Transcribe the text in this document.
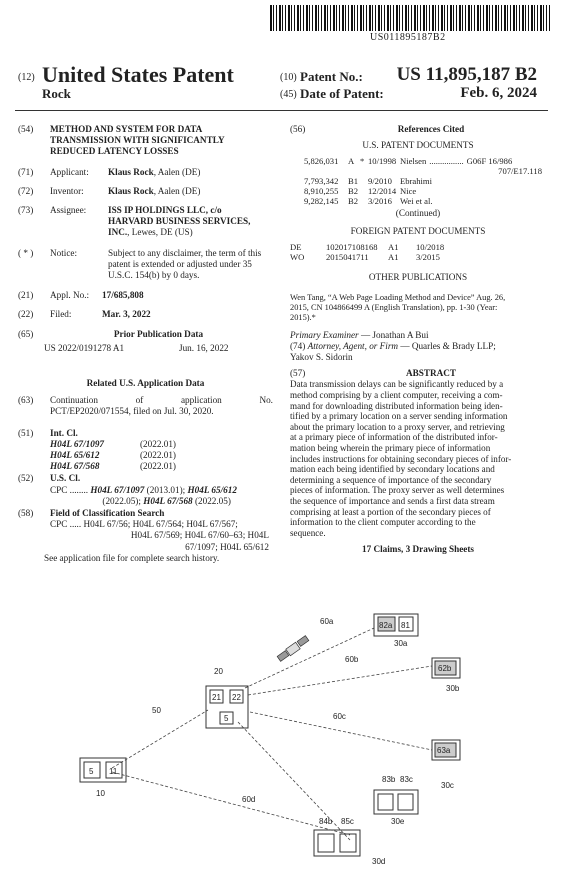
US011895187B2
(12) United States Patent
Rock
(10) Patent No.: US 11,895,187 B2
(45) Date of Patent:	Feb. 6, 2024
(54)	METHOD AND SYSTEM FOR DATA
TRANSMISSION WITH SIGNIFICANTLY
REDUCED LATENCY LOSSES
(71)	Applicant:	Klaus Rock, Aalen (DE)
(72)	Inventor:	Klaus Rock, Aalen (DE)
(73)	Assignee:	ISS IP HOLDINGS LLC, c/o
HARVARD BUSINESS SERVICES,
INC., Lewes, DE (US)
( * )	Notice:	Subject to any disclaimer, the term of this
patent is extended or adjusted under 35
U.S.C. 154(b) by 0 days.
(21)	Appl. No.:	17/685,808
(22)	Filed:	Mar. 3, 2022
(65)	Prior Publication Data
US 2022/0191278 A1	Jun. 16, 2022
Related U.S. Application Data
(63)	Continuation	of	application	No.
PCT/EP2020/071554, filed on Jul. 30, 2020.
(51)	Int. Cl.
H04L 67/1097	(2022.01)
H04L 65/612	(2022.01)
H04L 67/568	(2022.01)
(52)	U.S. Cl.
CPC ........ H04L 67/1097 (2013.01); H04L 65/612
(2022.05); H04L 67/568 (2022.05)
(58)	Field of Classification Search
CPC ..... H04L 67/56; H04L 67/564; H04L 67/567;
H04L 67/569; H04L 67/60–63; H04L
67/1097; H04L 65/612
See application file for complete search history.
(56)	References Cited
U.S. PATENT DOCUMENTS
5,826,031	A * 10/1998 Nielsen ................ G06F 16/986
707/E17.118
7,793,342	B1	9/2010 Ebrahimi
8,910,255	B2	12/2014 Nice
9,282,145	B2	3/2016 Wei et al.
(Continued)
FOREIGN PATENT DOCUMENTS
DE	102017108168	A1	10/2018
WO	2015041711	A1	3/2015
OTHER PUBLICATIONS
Wen Tang, “A Web Page Loading Method and Device” Aug. 26,
2015, CN 104866499 A (English Translation), pp. 1-30 (Year:
2015).*
Primary Examiner — Jonathan A Bui
(74) Attorney, Agent, or Firm — Quarles & Brady LLP;
Yakov S. Sidorin
(57)	ABSTRACT
Data transmission delays can be significantly reduced by a
method comprising by a client computer, receiving a com-
mand for downloading distributed information being iden-
tified by a primary location on a server sending information
about the primary location to a proxy server, and retrieving
at a primary piece of information of the distributed infor-
mation being wherein the primary piece of information
includes instructions for obtaining secondary pieces of infor-
mation each being identified by secondary locations and
determining a sequence of importance of the secondary
pieces of information. The proxy server as well determines
the sequence of importance and sends a first data stream
comprising at least a portion of the secondary pieces of
information to the client computer according to the
sequence.
17 Claims, 3 Drawing Sheets
60a	82a 81
30a
60b
62b
30b
20
21 22
5
50
60c
63a
30c
83b 83c
30e
10
5 11
60d
84b 85c
30d
